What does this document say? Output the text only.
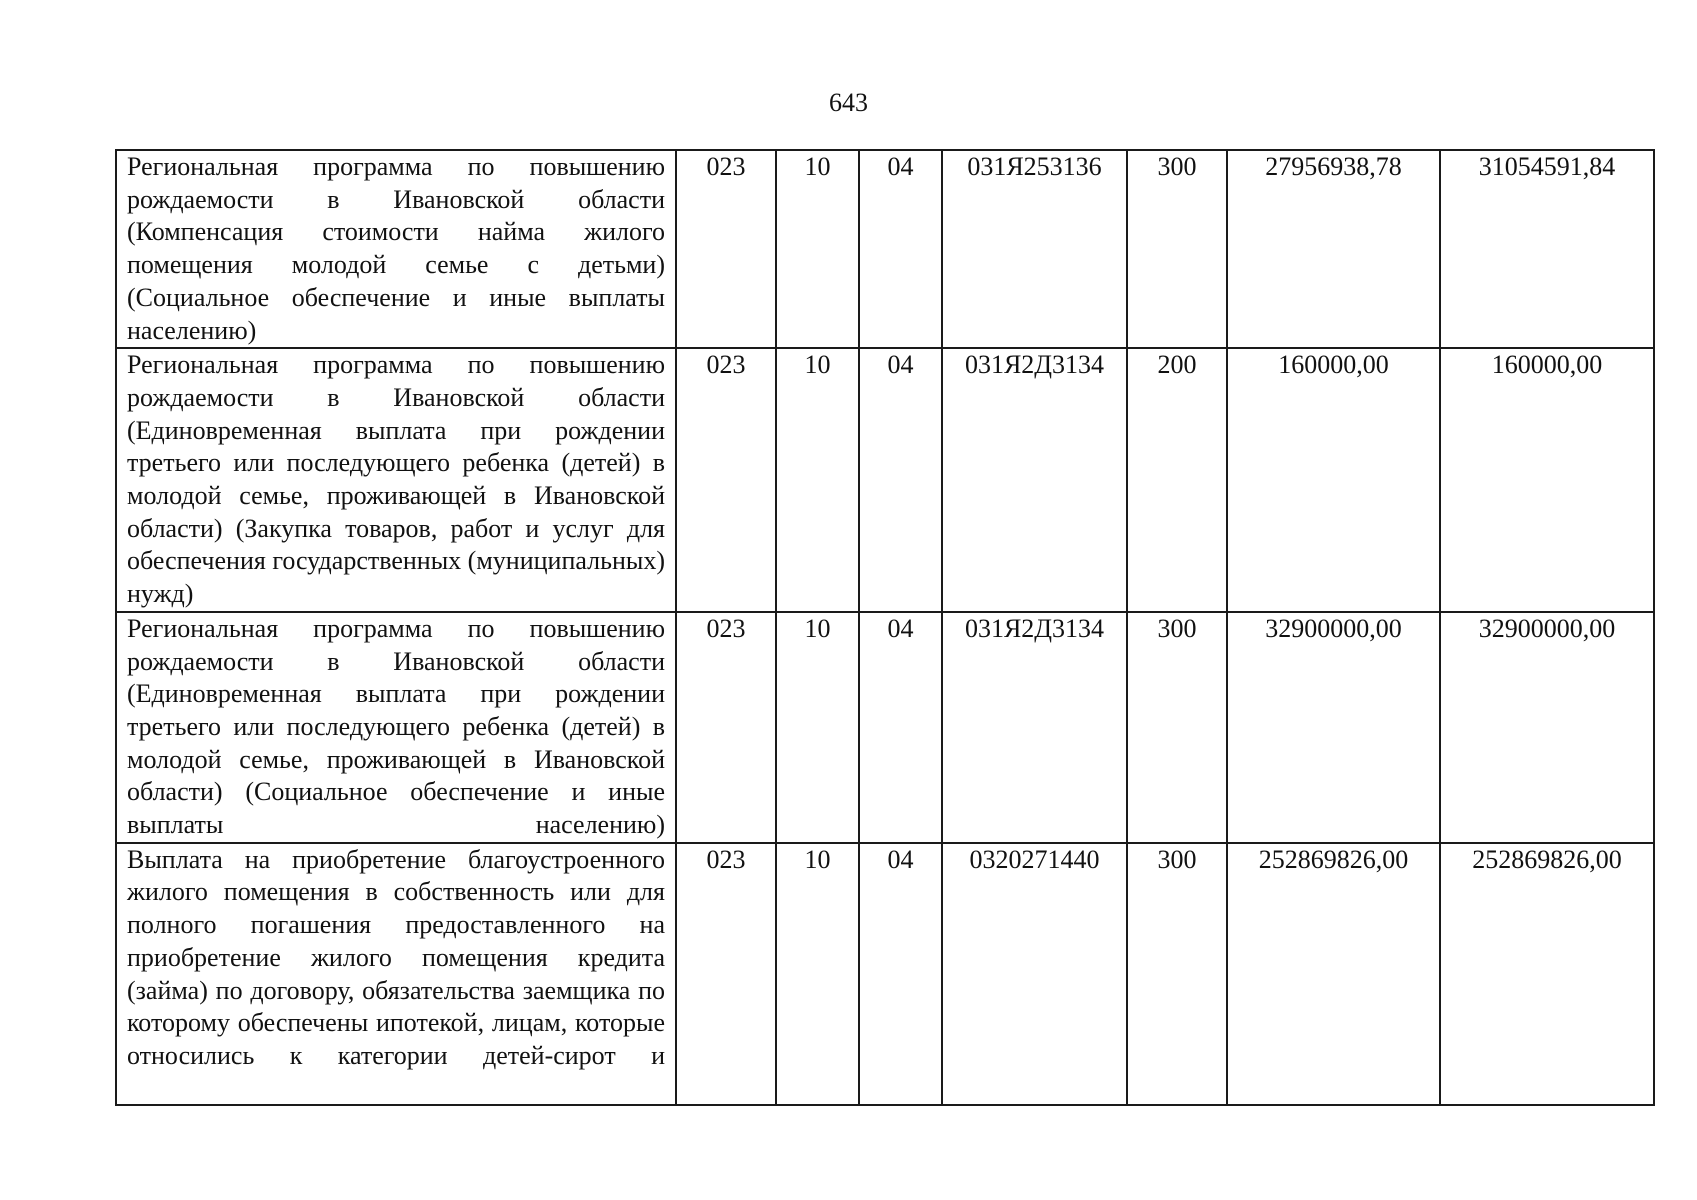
643
Региональная программа по повышению рождаемости в Ивановской области (Компенсация стоимости найма жилого помещения молодой семье с детьми) (Социальное обеспечение и иные выплаты населению)	023	10	04	031Я253136	300	27956938,78	31054591,84
Региональная программа по повышению рождаемости в Ивановской области (Единовременная выплата при рождении третьего или последующего ребенка (детей) в молодой семье, проживающей в Ивановской области) (Закупка товаров, работ и услуг для обеспечения государственных (муниципальных) нужд)	023	10	04	031Я2Д3134	200	160000,00	160000,00
Региональная программа по повышению рождаемости в Ивановской области (Единовременная выплата при рождении третьего или последующего ребенка (детей) в молодой семье, проживающей в Ивановской области) (Социальное обеспечение и иные выплаты населению)	023	10	04	031Я2Д3134	300	32900000,00	32900000,00
Выплата на приобретение благоустроенного жилого помещения в собственность или для полного погашения предоставленного на приобретение жилого помещения кредита (займа) по договору, обязательства заемщика по которому обеспечены ипотекой, лицам, которые относились к категории детей-сирот и	023	10	04	0320271440	300	252869826,00	252869826,00
